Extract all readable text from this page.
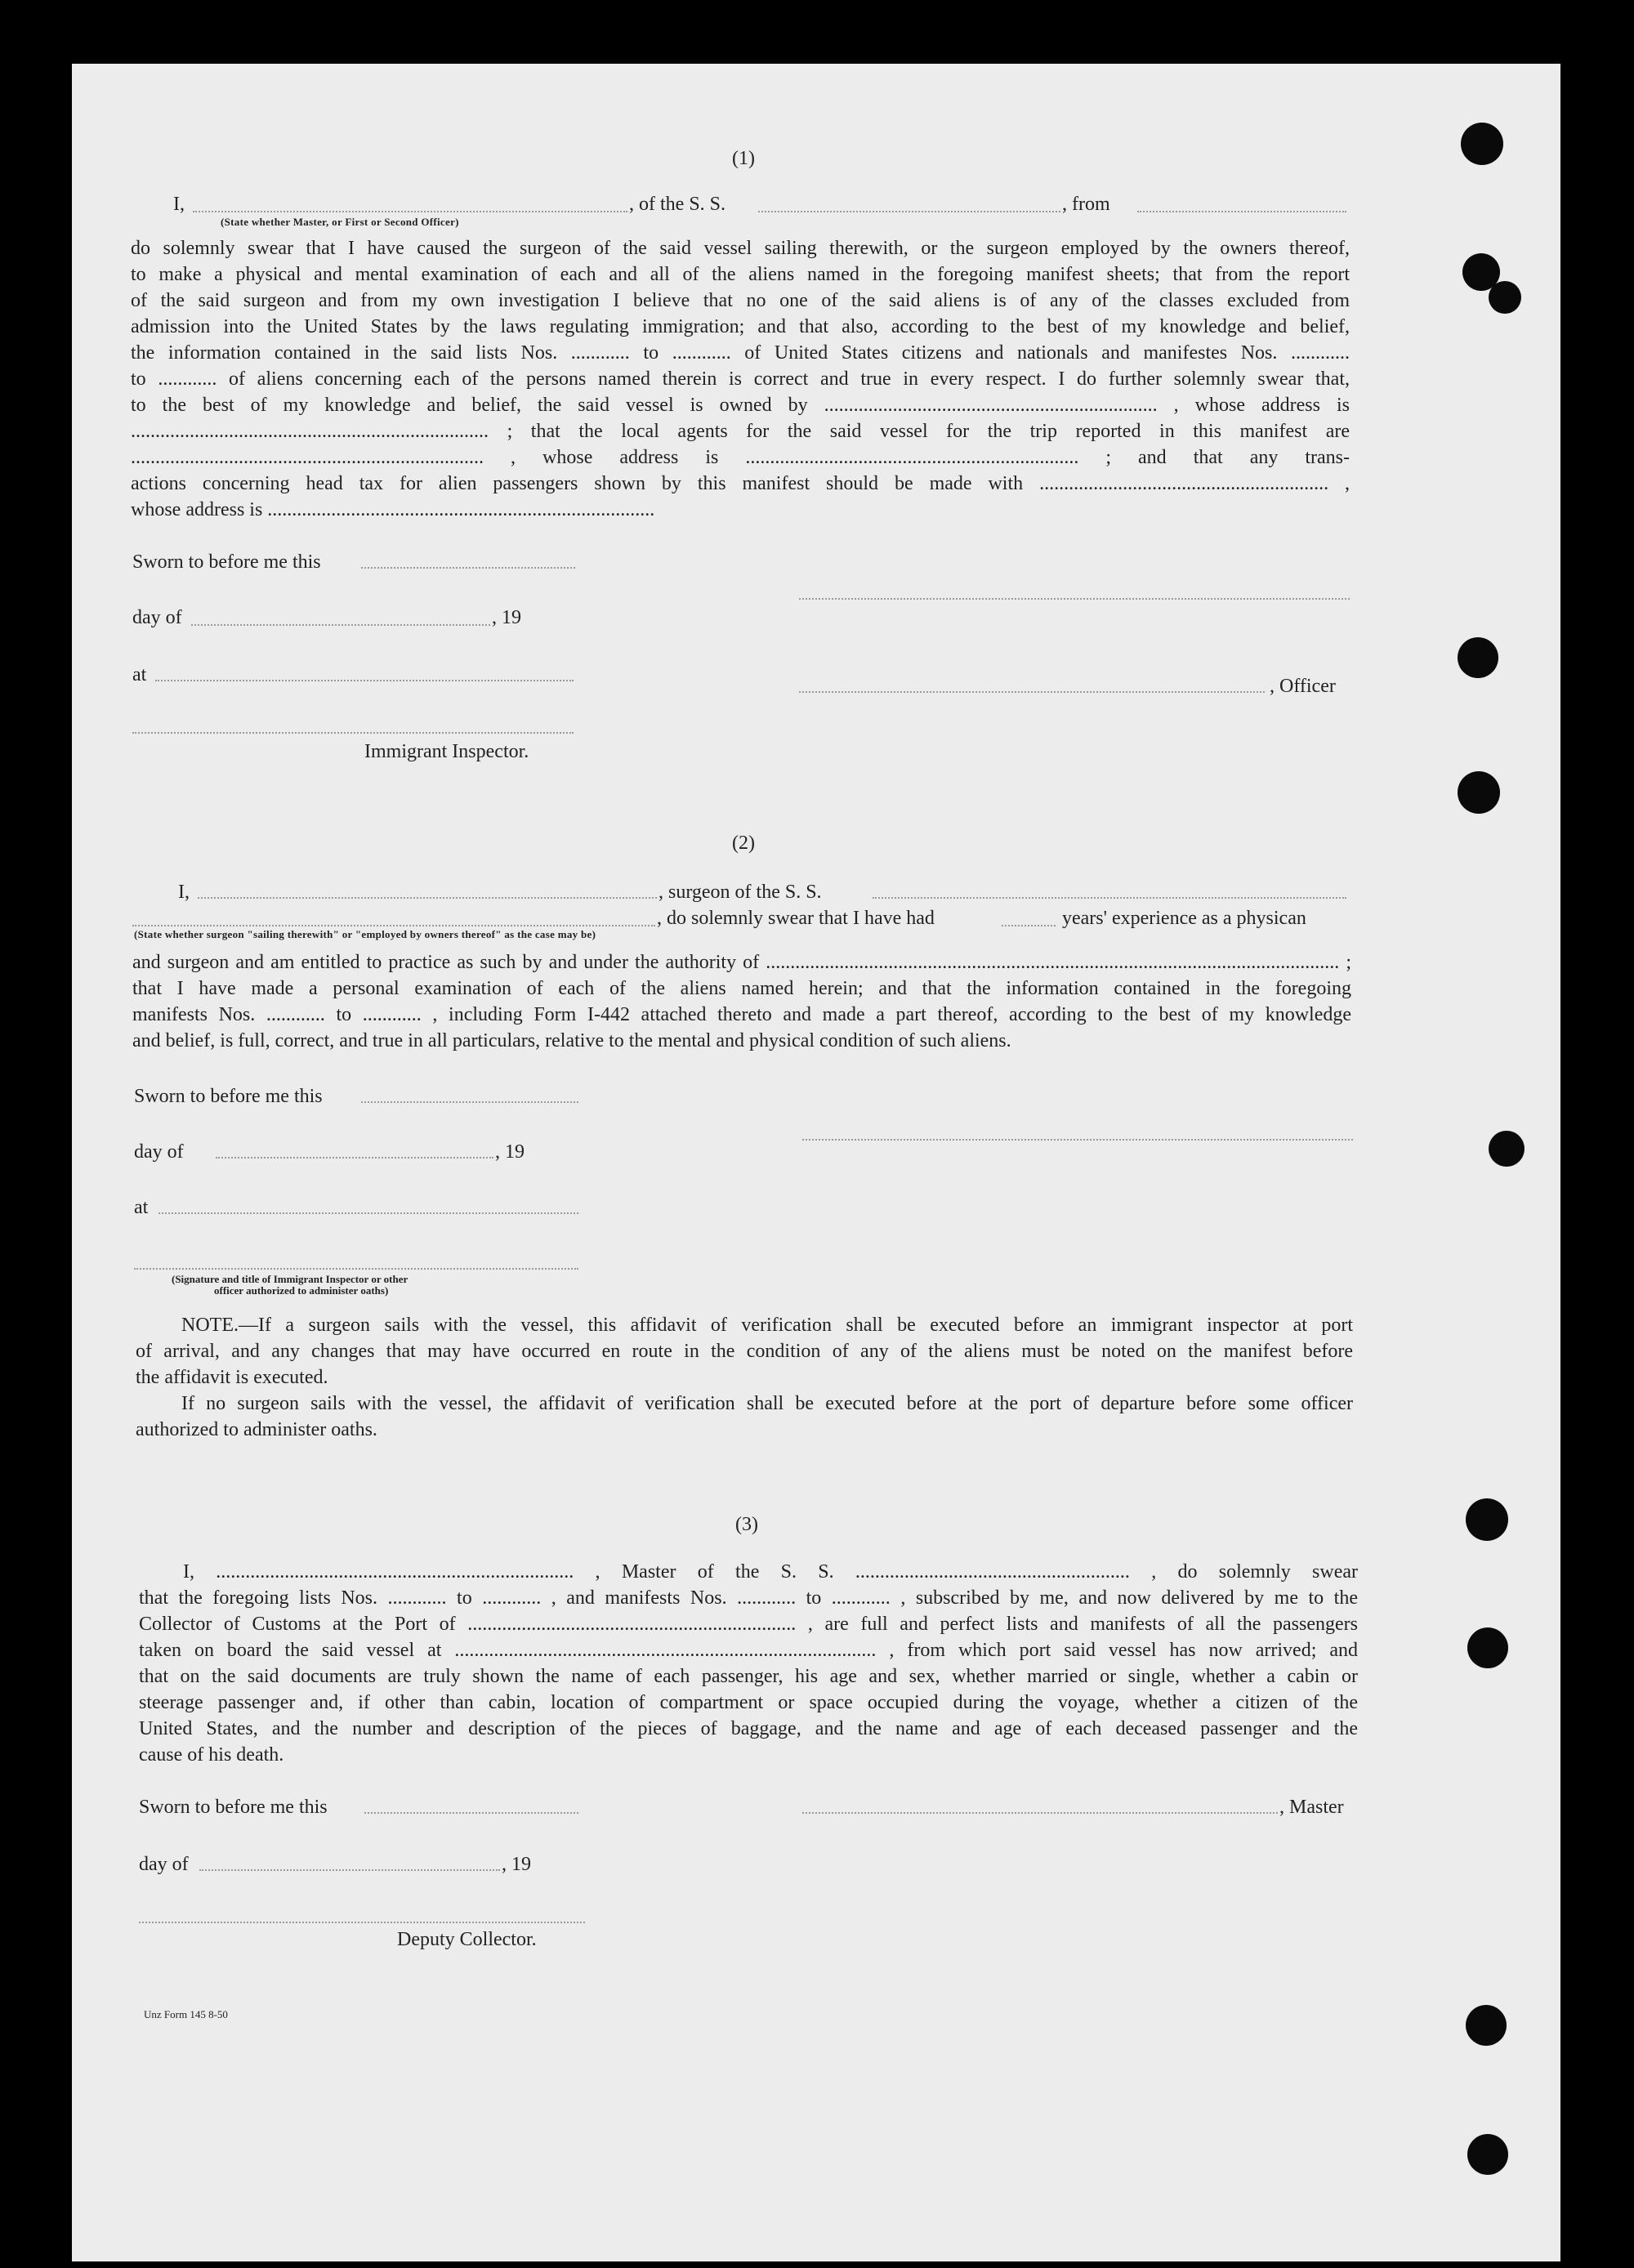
(1)
I,	, of the S. S.	, from
(State whether Master, or First or Second Officer)
do solemnly swear that I have caused the surgeon of the said vessel sailing therewith, or the surgeon employed by the owners thereof,
to make a physical and mental examination of each and all of the aliens named in the foregoing manifest sheets; that from the report
of the said surgeon and from my own investigation I believe that no one of the said aliens is of any of the classes excluded from
admission into the United States by the laws regulating immigration; and that also, according to the best of my knowledge and belief,
the information contained in the said lists Nos. ............ to ............ of United States citizens and nationals and manifestes Nos. ............
to ............ of aliens concerning each of the persons named therein is correct and true in every respect. I do further solemnly swear that,
to the best of my knowledge and belief, the said vessel is owned by .................................................................... , whose address is
......................................................................... ; that the local agents for the said vessel for the trip reported in this manifest are
........................................................................ , whose address is .................................................................... ; and that any trans-
actions concerning head tax for alien passengers shown by this manifest should be made with ........................................................... ,
whose address is ...............................................................................
Sworn to before me this
day of	, 19
at
, Officer
Immigrant Inspector.
(2)
I,	, surgeon of the S. S.
, do solemnly swear that I have had	years' experience as a physican
(State whether surgeon "sailing therewith" or "employed by owners thereof" as the case may be)
and surgeon and am entitled to practice as such by and under the authority of ..................................................................................................................... ;
that I have made a personal examination of each of the aliens named herein; and that the information contained in the foregoing
manifests Nos. ............ to ............ , including Form I-442 attached thereto and made a part thereof, according to the best of my knowledge
and belief, is full, correct, and true in all particulars, relative to the mental and physical condition of such aliens.
Sworn to before me this
day of	, 19
at
(Signature and title of Immigrant Inspector or other
officer authorized to administer oaths)
NOTE.—If a surgeon sails with the vessel, this affidavit of verification shall be executed before an immigrant inspector at port
of arrival, and any changes that may have occurred en route in the condition of any of the aliens must be noted on the manifest before
the affidavit is executed.
If no surgeon sails with the vessel, the affidavit of verification shall be executed before at the port of departure before some officer
authorized to administer oaths.
(3)
I, ......................................................................... , Master of the S. S. ........................................................ , do solemnly swear
that the foregoing lists Nos. ............ to ............ , and manifests Nos. ............ to ............ , subscribed by me, and now delivered by me to the
Collector of Customs at the Port of ................................................................... , are full and perfect lists and manifests of all the passengers
taken on board the said vessel at ...................................................................................... , from which port said vessel has now arrived; and
that on the said documents are truly shown the name of each passenger, his age and sex, whether married or single, whether a cabin or
steerage passenger and, if other than cabin, location of compartment or space occupied during the voyage, whether a citizen of the
United States, and the number and description of the pieces of baggage, and the name and age of each deceased passenger and the
cause of his death.
Sworn to before me this	, Master
day of	, 19
Deputy Collector.
Unz Form 145 8-50
